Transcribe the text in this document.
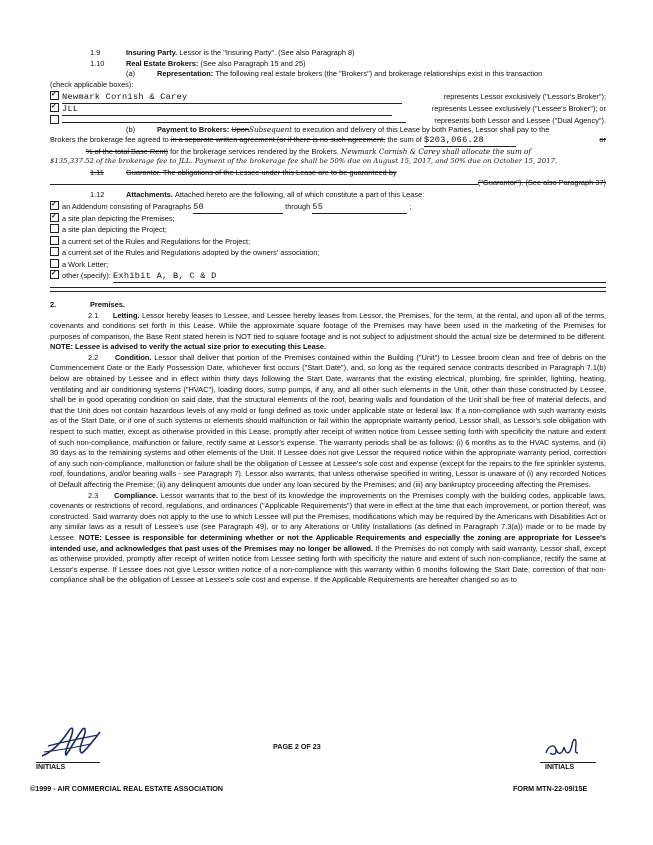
1.9	Insuring Party.
Lessor is the "Insuring Party". (See also Paragraph 8)
1.10	Real Estate Brokers:
(See also Paragraph 15 and 25)
(a)	Representation:
The following real estate brokers (the "Brokers") and brokerage relationships exist in this transaction
(check applicable boxes):
✓
Newmark Cornish & Carey	represents Lessor exclusively ("Lessor's Broker");
✓
JLL	represents Lessee exclusively ("Lessee's Broker"); or
represents both Lessor and Lessee ("Dual Agency").
(b)	Payment to Brokers:
Upon Subsequent
to execution and delivery of this Lease by both Parties, Lessor shall pay to the
Brokers the brokerage fee agreed to
in a separate written agreement (or if there is no such agreement,
the sum of
$203,066.28	or
% of the total Base Rent)
for the brokerage services rendered by the Brokers.
Newmark Cornish & Carey shall allocate the sum of
$135,337.52 of the brokerage fee to JLL. Payment of the brokerage fee shall be 50% due on August 15, 2017, and 50% due on October 15, 2017.
1.11	Guarantor. The obligations of the Lessee under this Lease are to be guaranteed by
("Guarantor"). (See also Paragraph 37)
1.12	Attachments.
Attached hereto are the following, all of which constitute a part of this Lease:
✓
an Addendum consisting of Paragraphs
50
	through
55	;
✓
a site plan depicting the Premises;
a site plan depicting the Project;
a current set of the Rules and Regulations for the Project;
a current set of the Rules and Regulations adopted by the owners' association;
a Work Letter;
✓
other (specify):
Exhibit A, B, C & D
2.	Premises.

2.1 Letting. Lessor hereby leases to Lessee, and Lessee hereby leases from Lessor, the Premises, for the term, at the rental, and upon all of the terms, covenants and conditions set forth in this Lease. While the approximate square footage of the Premises may have been used in the marketing of the Premises for purposes of comparison, the Base Rent stated herein is NOT tied to square footage and is not subject to adjustment should the actual size be determined to be different. NOTE: Lessee is advised to verify the actual size prior to executing this Lease.

2.2 Condition. Lessor shall deliver that portion of the Premises contained within the Building ("Unit") to Lessee broom clean and free of debris on the Commencement Date or the Early Possession Date, whichever first occurs ("Start Date"), and, so long as the required service contracts described in Paragraph 7.1(b) below are obtained by Lessee and in effect within thirty days following the Start Date, warrants that the existing electrical, plumbing, fire sprinkler, lighting, heating, ventilating and air conditioning systems ("HVAC"), loading doors, sump pumps, if any, and all other such elements in the Unit, other than those constructed by Lessee, shall be in good operating condition on said date, that the structural elements of the roof, bearing walls and foundation of the Unit shall be free of material defects, and that the Unit does not contain hazardous levels of any mold or fungi defined as toxic under applicable state or federal law. If a non-compliance with such warranty exists as of the Start Date, or if one of such systems or elements should malfunction or fail within the appropriate warranty period, Lessor shall, as Lessor's sole obligation with respect to such matter, except as otherwise provided in this Lease, promptly after receipt of written notice from Lessee setting forth with specificity the nature and extent of such non-compliance, malfunction or failure, rectify same at Lessor's expense. The warranty periods shall be as follows: (i) 6 months as to the HVAC systems, and (ii) 30 days as to the remaining systems and other elements of the Unit. If Lessee does not give Lessor the required notice within the appropriate warranty period, correction of any such non-compliance, malfunction or failure shall be the obligation of Lessee at Lessee's sole cost and expense (except for the repairs to the fire sprinkler systems, roof, foundations, and/or bearing walls - see Paragraph 7). Lessor also warrants, that unless otherwise specified in writing, Lessor is unaware of (i) any recorded Notices of Default affecting the Premise; (ii) any delinquent amounts due under any loan secured by the Premises; and (iii) any bankruptcy proceeding affecting the Premises.

2.3 Compliance. Lessor warrants that to the best of its knowledge the improvements on the Premises comply with the building codes, applicable laws, covenants or restrictions of record, regulations, and ordinances ("Applicable Requirements") that were in effect at the time that each improvement, or portion thereof, was constructed. Said warranty does not apply to the use to which Lessee will put the Premises, modifications which may be required by the Americans with Disabilities Act or any similar laws as a result of Lessee's use (see Paragraph 49), or to any Alterations or Utility Installations (as defined in Paragraph 7.3(a)) made or to be made by Lessee. NOTE: Lessee is responsible for determining whether or not the Applicable Requirements and especially the zoning are appropriate for Lessee's intended use, and acknowledges that past uses of the Premises may no longer be allowed. If the Premises do not comply with said warranty, Lessor shall, except as otherwise provided, promptly after receipt of written notice from Lessee setting forth with specificity the nature and extent of such non-compliance, rectify the same at Lessor's expense. If Lessee does not give Lessor written notice of a non-compliance with this warranty within 6 months following the Start Date, correction of that non-compliance shall be the obligation of Lessee at Lessee's sole cost and expense. If the Applicable Requirements are hereafter changed so as to

INITIALS
PAGE 2 OF 23
INITIALS
©1999 - AIR COMMERCIAL REAL ESTATE ASSOCIATION	FORM MTN-22-09/15E
